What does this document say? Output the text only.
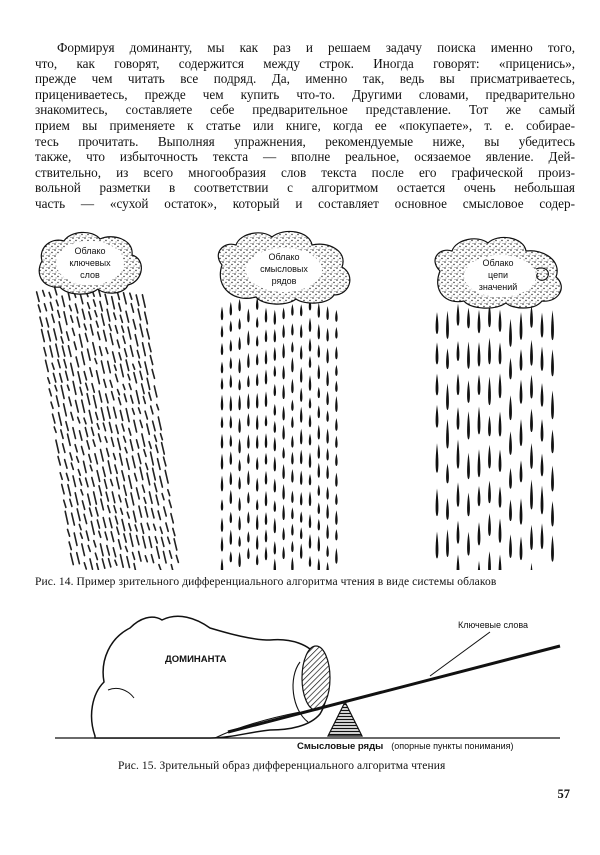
Формируя доминанту, мы как раз и решаем задачу поиска именно того,
что, как говорят, содержится между строк. Иногда говорят: «прицениcь»,
прежде чем читать все подряд. Да, именно так, ведь вы присматриваетесь,
прицениваетесь, прежде чем купить что-то. Другими словами, предварительно
знакомитесь, составляете себе предварительное представление. Тот же самый
прием вы применяете к статье или книге, когда ее «покупаете», т. е. собирае-
тесь прочитать. Выполняя упражнения, рекомендуемые ниже, вы убедитесь
также, что избыточность текста — вполне реальное, осязаемое явление. Дей-
ствительно, из всего многообразия слов текста после его графической произ-
вольной разметки в соответствии с алгоритмом остается очень небольшая
часть — «сухой остаток», который и составляет основное смысловое содер-
Облако
ключевых
слов
Облако
смысловых
рядов
Облако
цепи
значений

Рис. 14. Пример зрительного дифференциального алгоритма чтения в виде системы облаков

Ключевые слова
ДОМИНАНТА
Смысловые ряды (опорные пункты понимания)

Рис. 15. Зрительный образ дифференциального алгоритма чтения

57
